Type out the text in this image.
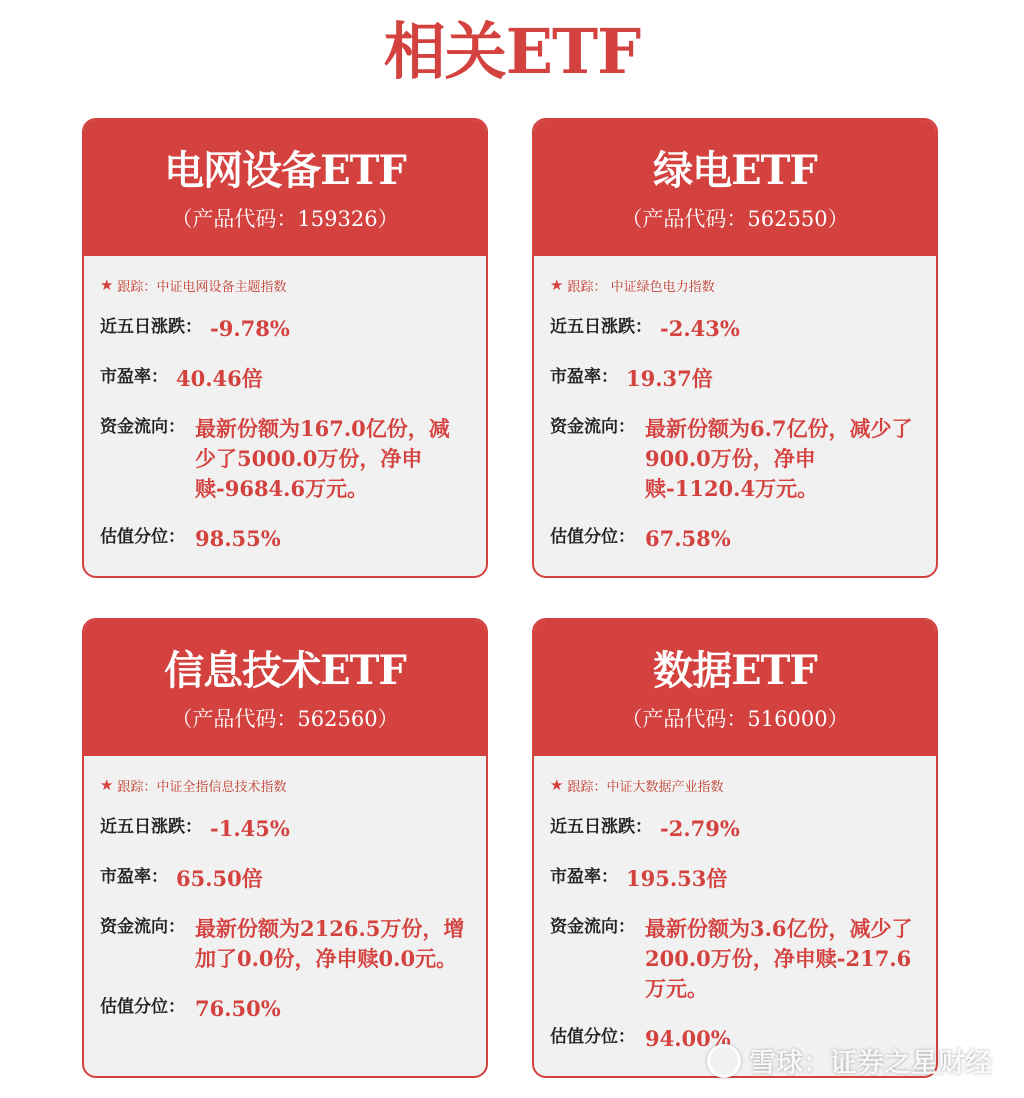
相关ETF
电网设备ETF
（产品代码：159326）
★ 跟踪：中证电网设备主题指数
近五日涨跌： -9.78%
市盈率： 40.46倍
资金流向： 最新份额为167.0亿份，减少了5000.0万份，净申赎-9684.6万元。
估值分位： 98.55%
绿电ETF
（产品代码：562550）
★ 跟踪： 中证绿色电力指数
近五日涨跌： -2.43%
市盈率： 19.37倍
资金流向： 最新份额为6.7亿份，减少了900.0万份，净申赎-1120.4万元。
估值分位： 67.58%
信息技术ETF
（产品代码：562560）
★ 跟踪：中证全指信息技术指数
近五日涨跌： -1.45%
市盈率： 65.50倍
资金流向： 最新份额为2126.5万份，增加了0.0份，净申赎0.0元。
估值分位： 76.50%
数据ETF
（产品代码：516000）
★ 跟踪：中证大数据产业指数
近五日涨跌： -2.79%
市盈率： 195.53倍
资金流向： 最新份额为3.6亿份，减少了200.0万份，净申赎-217.6万元。
估值分位： 94.00%
雪球：证券之星财经
